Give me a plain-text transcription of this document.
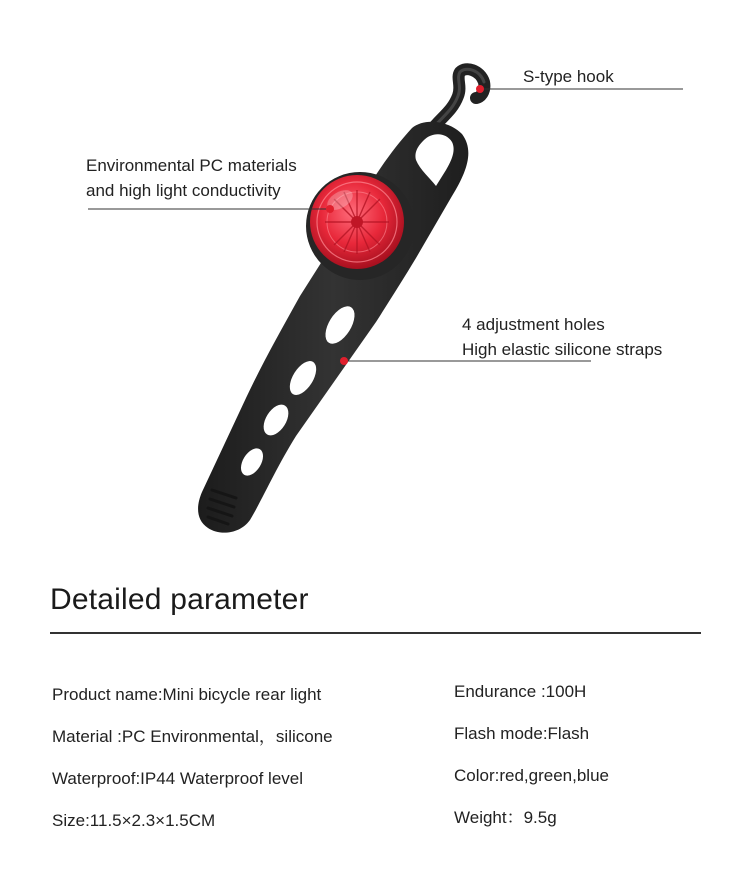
S-type hook
Environmental PC materials
and high light conductivity
4 adjustment holes
High elastic silicone straps
Detailed parameter
Product name:Mini bicycle rear light
Material :PC Environmental，silicone
Waterproof:IP44 Waterproof level
Size:11.5×2.3×1.5CM
Endurance :100H
Flash mode:Flash
Color:red,green,blue
Weight：9.5g
